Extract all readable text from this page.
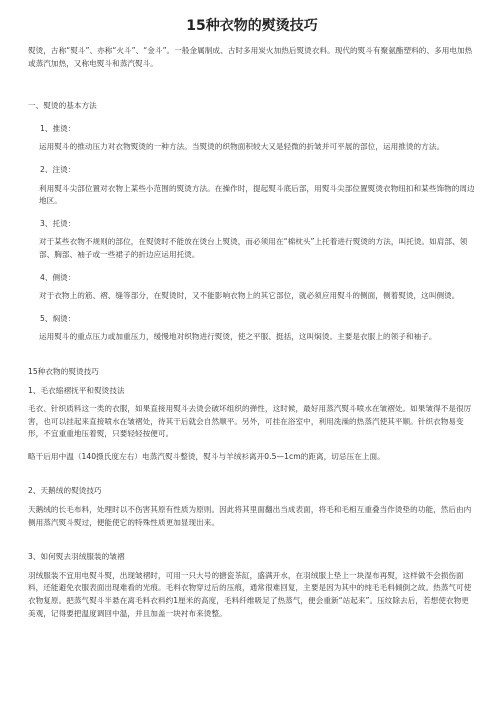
15种衣物的熨烫技巧

熨烫，古称“熨斗”、亦称“火斗”、“金斗”。一般金属制成、古时多用炭火加热后熨烫衣料。现代的熨斗有聚氨酯塑料的、多用电加热或蒸汽加热，又称电熨斗和蒸汽熨斗。

一、熨烫的基本方法

1、推烫：

运用熨斗的推动压力对衣物熨烫的一种方法。当熨烫的织物面积较大又是轻微的折皱并可平展的部位，运用推烫的方法。

2、注烫：

利用熨斗尖部位置对衣物上某些小范围的熨烫方法。在操作时，提起熨斗底后部，用熨斗尖部位置熨烫衣物纽扣和某些饰物的周边地区。

3、托烫：

对于某些衣物不规则的部位，在熨烫时不能放在烫台上熨烫，而必须用在“棉枕头”上托着进行熨烫的方法，叫托烫。如肩部、领部、胸部、袖子或一些裙子的折边应运用托烫。

4、侧烫：

对于衣物上的筋、褶、缝等部分，在熨烫时，又不能影响衣物上的其它部位，就必须应用熨斗的侧面，侧着熨烫，这叫侧烫。

5、焖烫：

运用熨斗的重点压力或加重压力，缓慢地对织物进行熨烫，使之平服、挺括，这叫焖烫。主要是衣服上的领子和袖子。

15种衣物的熨烫技巧

1、毛衣缩褶抚平和熨烫技法

毛衣、针织质料这一类的衣服，如果直接用熨斗去烫会破坏组织的弹性，这时候，最好用蒸汽熨斗喷水在皱褶处。如果皱得不是很厉害，也可以挂起来直接喷水在皱褶处，待其干后就会自然顺平。另外，可挂在浴室中，利用洗澡的热蒸汽使其平顺。针织衣物易变形，不宜重重地压着熨，只要轻轻按便可。

略干后用中温（140摄氏度左右）电蒸汽熨斗整烫，熨斗与羊绒衫离开0.5—1cm的距离，切忌压在上面。

2、天鹅绒的熨烫技巧

天鹅绒的长毛布料，处理时以不伤害其原有性质为原则。因此将其里面翻出当成表面，将毛和毛相互重叠当作烫垫的功能，然后由内侧用蒸汽熨斗熨过，便能使它的特殊性质更加显现出来。

3、如何熨去羽绒服装的皱褶

羽绒服装不宜用电熨斗熨，出现皱褶时，可用一只大号的搪瓷茶缸，盛满开水，在羽绒服上垫上一块湿布再熨，这样做不会损伤面料，还能避免衣服表面出现难看的光痕。毛料衣物穿过后的压痕，通常很难回复，主要是因为其中的纯毛毛料倾倒之故。热蒸气可使衣物复原。把蒸气熨斗半悬在离毛料衣料约1厘米的高度，毛料纤维吸足了热蒸气，便会重新“站起来”。压纹除去后，若想使衣物更美观，记得要把温度调回中温，并且加盖一块衬布来烫整。
